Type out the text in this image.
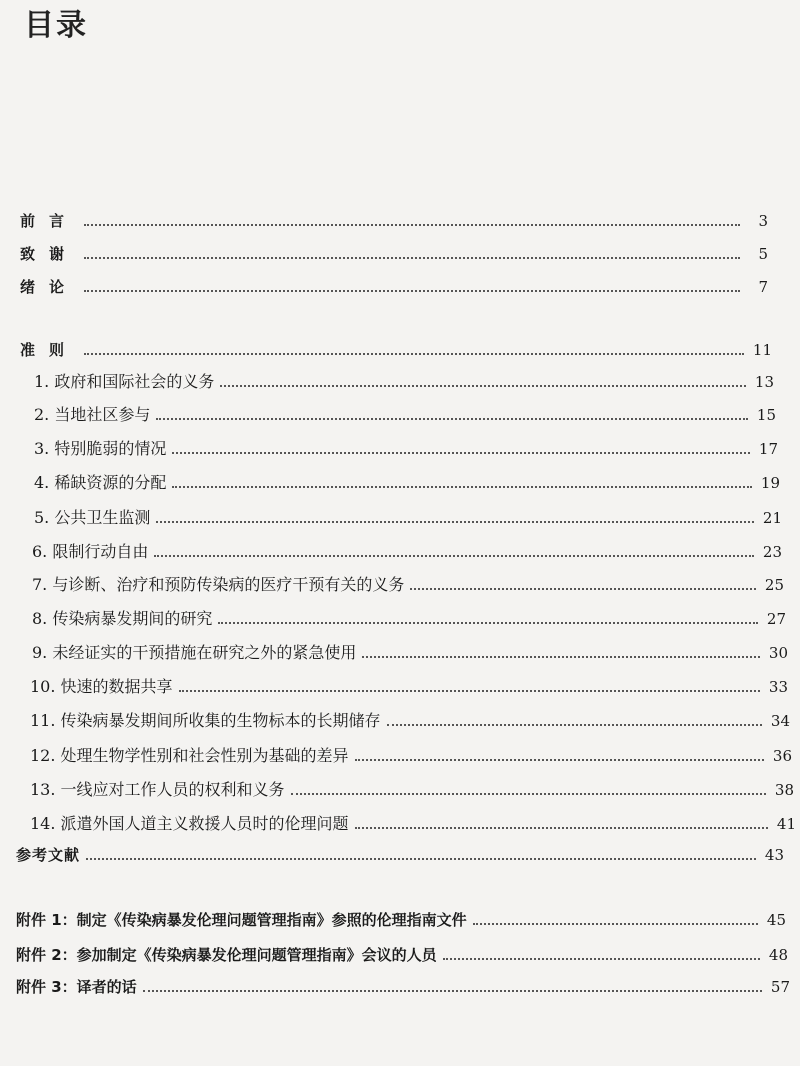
目录
前言	3
致谢	5
绪论	7
准则	11
1. 政府和国际社会的义务	13
2. 当地社区参与	15
3. 特别脆弱的情况	17
4. 稀缺资源的分配	19
5. 公共卫生监测	21
6. 限制行动自由	23
7. 与诊断、治疗和预防传染病的医疗干预有关的义务	25
8. 传染病暴发期间的研究	27
9. 未经证实的干预措施在研究之外的紧急使用	30
10. 快速的数据共享	33
11. 传染病暴发期间所收集的生物标本的长期储存	34
12. 处理生物学性别和社会性别为基础的差异	36
13. 一线应对工作人员的权利和义务	38
14. 派遣外国人道主义救援人员时的伦理问题	41
参考文献	43
附件 1：制定《传染病暴发伦理问题管理指南》参照的伦理指南文件	45
附件 2：参加制定《传染病暴发伦理问题管理指南》会议的人员	48
附件 3：译者的话	57
